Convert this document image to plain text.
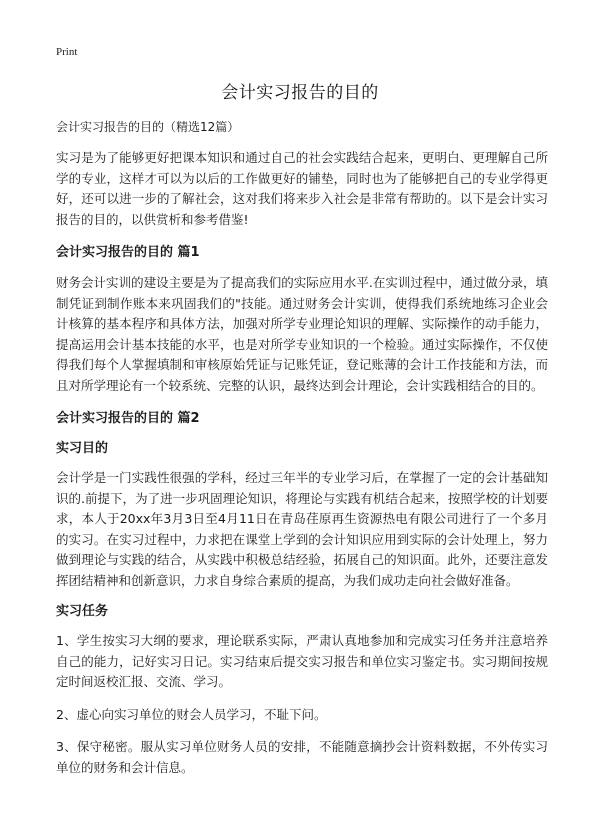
Print
会计实习报告的目的
会计实习报告的目的（精选12篇）

实习是为了能够更好把课本知识和通过自己的社会实践结合起来，更明白、更理解自己所学的专业，这样才可以为以后的工作做更好的铺垫，同时也为了能够把自己的专业学得更好，还可以进一步的了解社会，这对我们将来步入社会是非常有帮助的。以下是会计实习报告的目的，以供赏析和参考借鉴!

会计实习报告的目的 篇1

财务会计实训的建设主要是为了提高我们的实际应用水平.在实训过程中，通过做分录，填制凭证到制作账本来巩固我们的"技能。通过财务会计实训，使得我们系统地练习企业会计核算的基本程序和具体方法，加强对所学专业理论知识的理解、实际操作的动手能力，提高运用会计基本技能的水平，也是对所学专业知识的一个检验。通过实际操作，不仅使得我们每个人掌握填制和审核原始凭证与记账凭证，登记账薄的会计工作技能和方法，而且对所学理论有一个较系统、完整的认识，最终达到会计理论，会计实践相结合的目的。

会计实习报告的目的 篇2
实习目的

会计学是一门实践性很强的学科，经过三年半的专业学习后，在掌握了一定的会计基础知识的.前提下，为了进一步巩固理论知识，将理论与实践有机结合起来，按照学校的计划要求，本人于20xx年3月3日至4月11日在青岛荏原再生资源热电有限公司进行了一个多月的实习。在实习过程中，力求把在课堂上学到的会计知识应用到实际的会计处理上，努力做到理论与实践的结合，从实践中积极总结经验，拓展自己的知识面。此外，还要注意发挥团结精神和创新意识，力求自身综合素质的提高，为我们成功走向社会做好准备。

实习任务

1、学生按实习大纲的要求，理论联系实际，严肃认真地参加和完成实习任务并注意培养自己的能力，记好实习日记。实习结束后提交实习报告和单位实习鉴定书。实习期间按规定时间返校汇报、交流、学习。

2、虚心向实习单位的财会人员学习，不耻下问。

3、保守秘密。服从实习单位财务人员的安排，不能随意摘抄会计资料数据，不外传实习单位的财务和会计信息。
